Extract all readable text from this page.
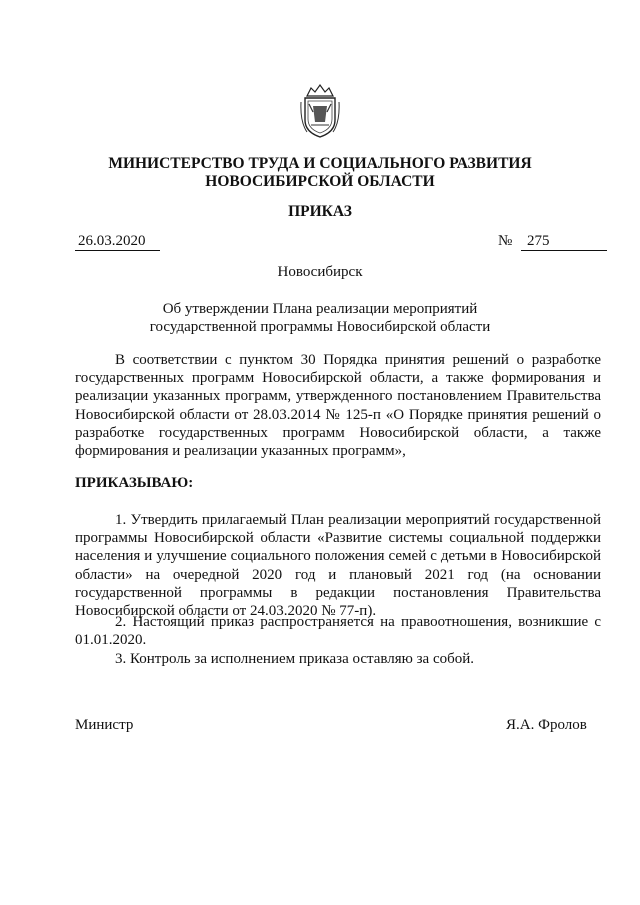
МИНИСТЕРСТВО ТРУДА И СОЦИАЛЬНОГО РАЗВИТИЯ
НОВОСИБИРСКОЙ ОБЛАСТИ
ПРИКАЗ
26.03.2020	№ 275
Новосибирск
Об утверждении Плана реализации мероприятий
государственной программы Новосибирской области
В соответствии с пунктом 30 Порядка принятия решений о разработке государственных программ Новосибирской области, а также формирования и реализации указанных программ, утвержденного постановлением Правительства Новосибирской области от 28.03.2014 № 125-п «О Порядке принятия решений о разработке государственных программ Новосибирской области, а также формирования и реализации указанных программ»,
ПРИКАЗЫВАЮ:
1. Утвердить прилагаемый План реализации мероприятий государственной программы Новосибирской области «Развитие системы социальной поддержки населения и улучшение социального положения семей с детьми в Новосибирской области» на очередной 2020 год и плановый 2021 год (на основании государственной программы в редакции постановления Правительства Новосибирской области от 24.03.2020 № 77-п).
2. Настоящий приказ распространяется на правоотношения, возникшие с 01.01.2020.
3. Контроль за исполнением приказа оставляю за собой.
Министр	Я.А. Фролов
